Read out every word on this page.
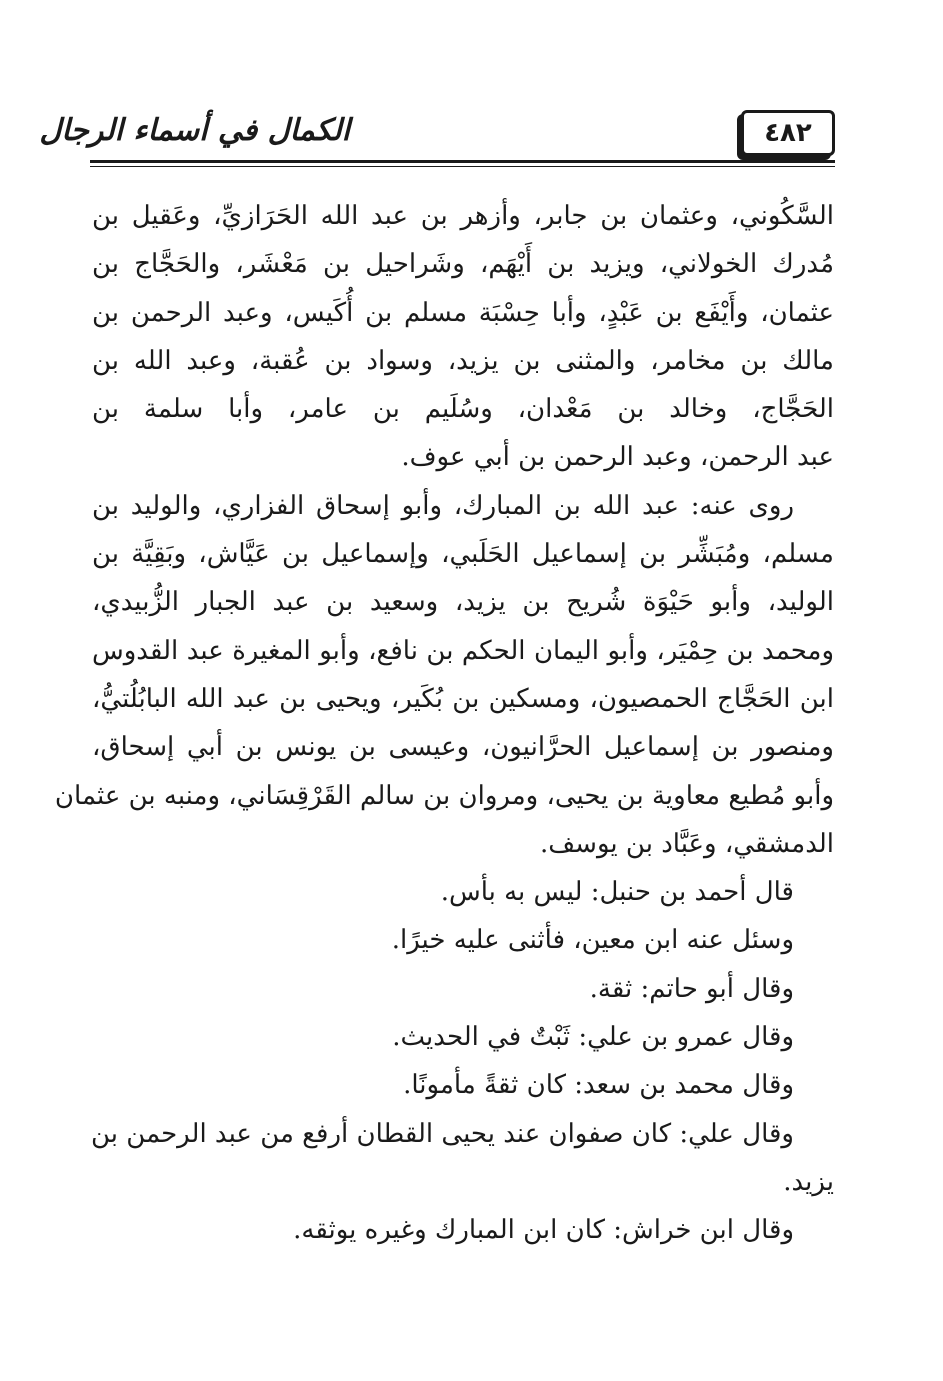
٤٨٢
الكمال في أسماء الرجال
السَّكُوني، وعثمان بن جابر، وأزهر بن عبد الله الحَرَازيِّ، وعَقيل بن
مُدرك الخولاني، ويزيد بن أَيْهَم، وشَراحيل بن مَعْشَر، والحَجَّاج بن
عثمان، وأَيْفَع بن عَبْدٍ، وأبا حِسْبَة مسلم بن أُكَيس، وعبد الرحمن بن
مالك بن مخامر، والمثنى بن يزيد، وسواد بن عُقبة، وعبد الله بن
الحَجَّاج، وخالد بن مَعْدان، وسُلَيم بن عامر، وأبا سلمة بن
عبد الرحمن، وعبد الرحمن بن أبي عوف.
روى عنه: عبد الله بن المبارك، وأبو إسحاق الفزاري، والوليد بن
مسلم، ومُبَشِّر بن إسماعيل الحَلَبي، وإسماعيل بن عَيَّاش، وبَقِيَّة بن
الوليد، وأبو حَيْوَة شُريح بن يزيد، وسعيد بن عبد الجبار الزُّبيدي،
ومحمد بن حِمْيَر، وأبو اليمان الحكم بن نافع، وأبو المغيرة عبد القدوس
ابن الحَجَّاج الحمصيون، ومسكين بن بُكَير، ويحيى بن عبد الله البابُلُتيُّ،
ومنصور بن إسماعيل الحرَّانيون، وعيسى بن يونس بن أبي إسحاق،
وأبو مُطيع معاوية بن يحيى، ومروان بن سالم القَرْقِسَاني، ومنبه بن عثمان
الدمشقي، وعَبَّاد بن يوسف.
قال أحمد بن حنبل: ليس به بأس.
وسئل عنه ابن معين، فأثنى عليه خيرًا.
وقال أبو حاتم: ثقة.
وقال عمرو بن علي: ثَبْتٌ في الحديث.
وقال محمد بن سعد: كان ثقةً مأمونًا.
وقال علي: كان صفوان عند يحيى القطان أرفع من عبد الرحمن بن
يزيد.
وقال ابن خراش: كان ابن المبارك وغيره يوثقه.
